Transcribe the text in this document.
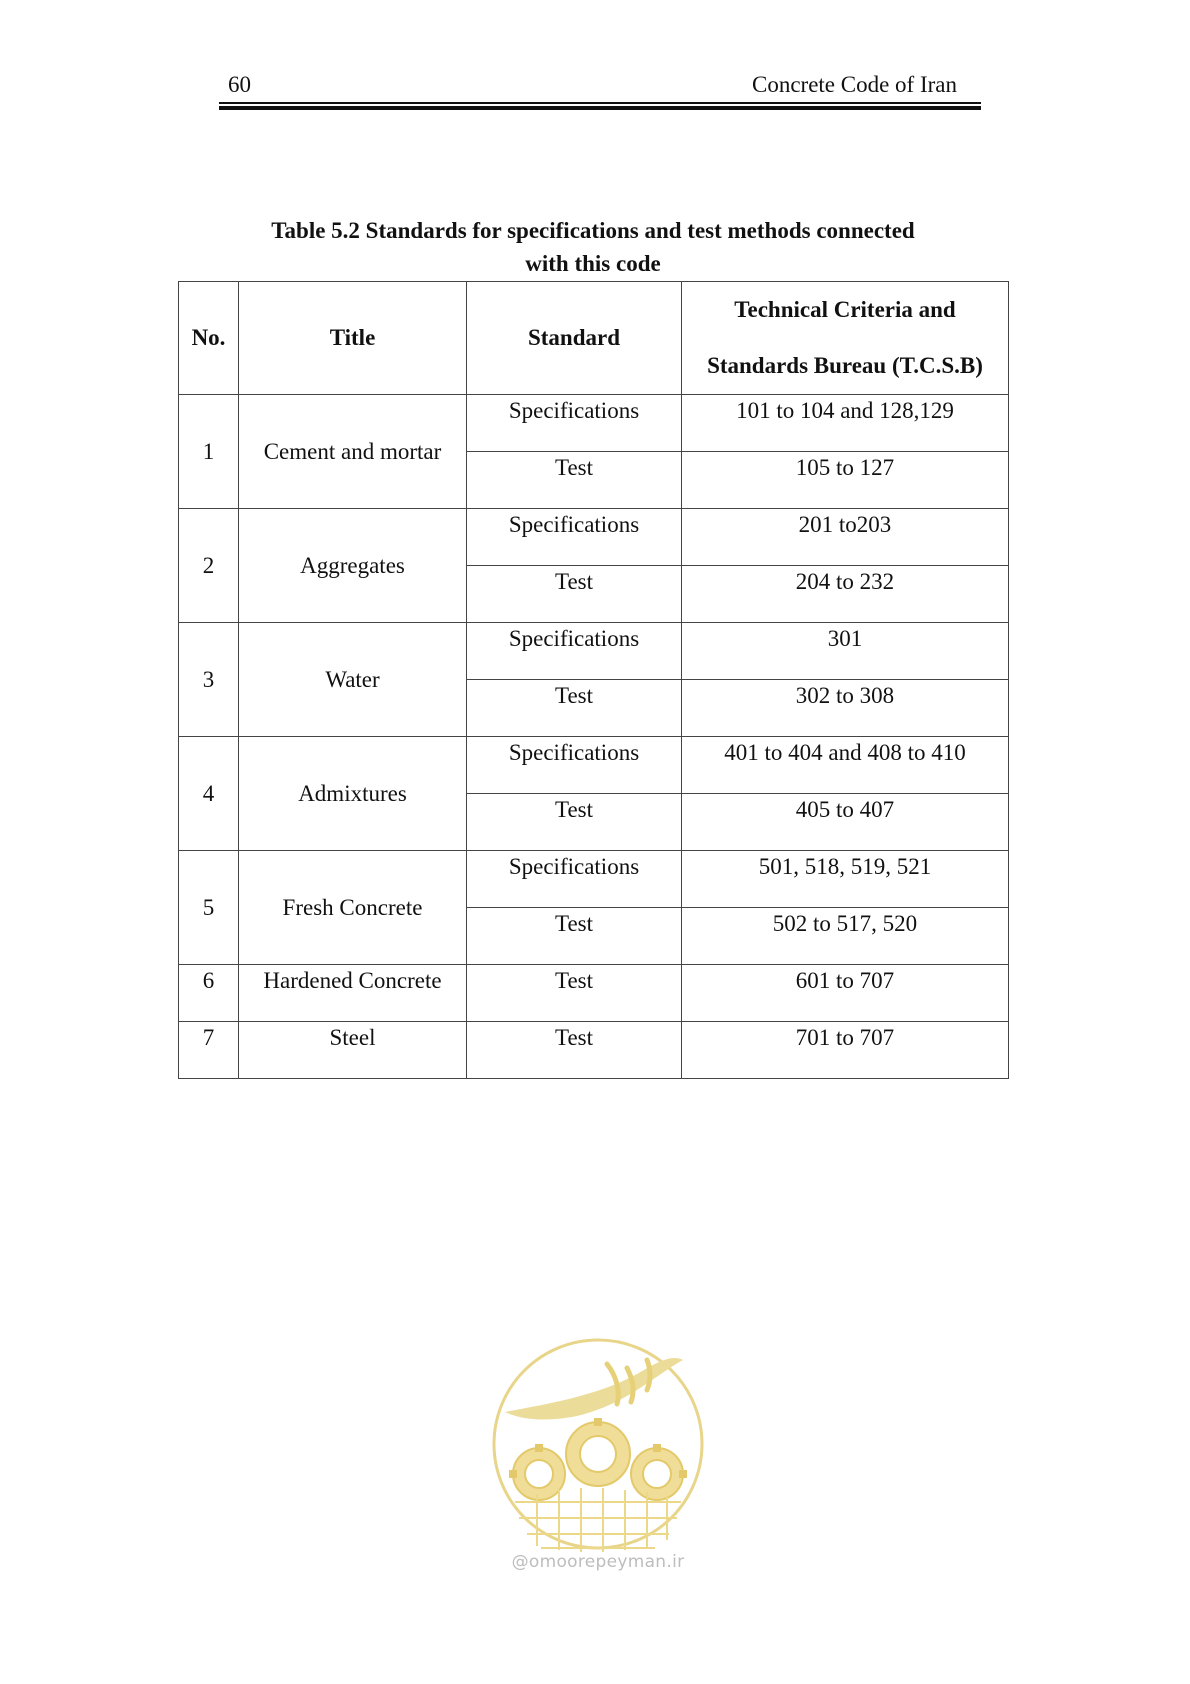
60	Concrete Code of Iran
Table 5.2 Standards for specifications and test methods connected
with this code
No.	Title	Standard	Technical Criteria and
Standards Bureau (T.C.S.B)

1	Cement and mortar	Specifications	101 to 104 and 128,129
		Test	105 to 127
2	Aggregates	Specifications	201 to203
		Test	204 to 232
3	Water	Specifications	301
		Test	302 to 308
4	Admixtures	Specifications	401 to 404 and 408 to 410
		Test	405 to 407
5	Fresh Concrete	Specifications	501, 518, 519, 521
		Test	502 to 517, 520
6	Hardened Concrete	Test	601 to 707
7	Steel	Test	701 to 707
@omoorepeyman.ir
